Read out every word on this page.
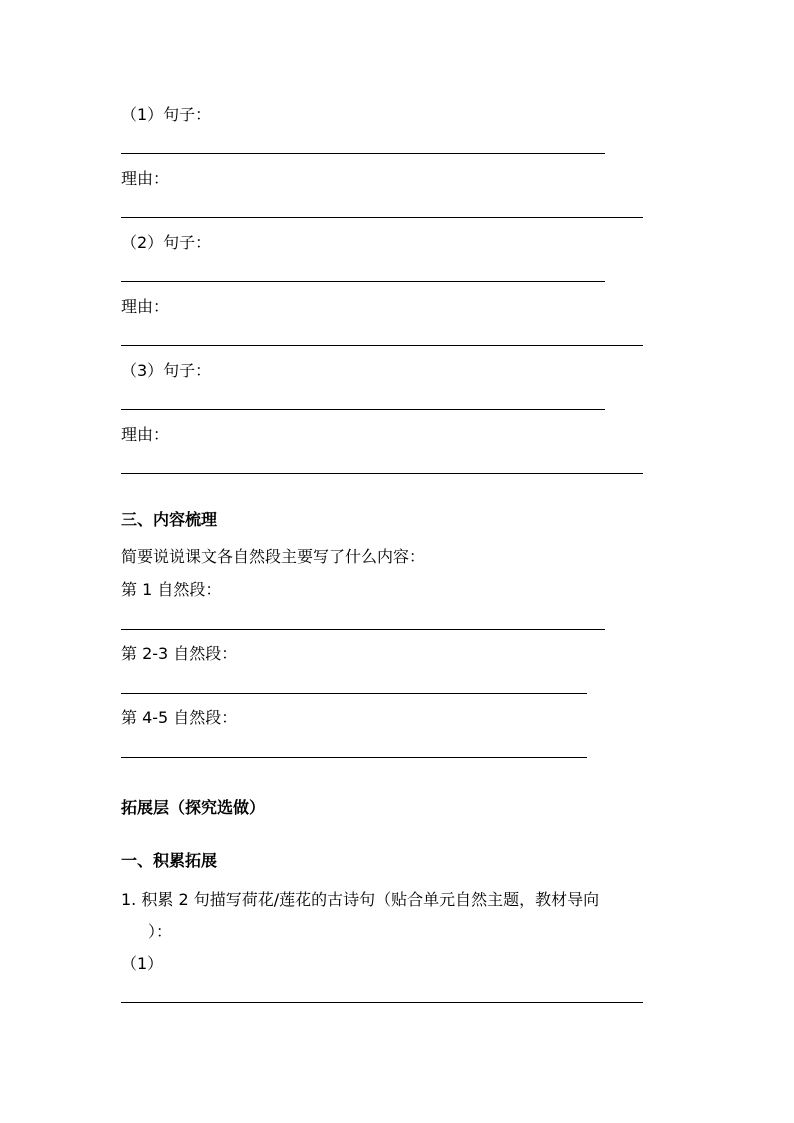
（1）句子：
理由：
（2）句子：
理由：
（3）句子：
理由：
三、内容梳理
简要说说课文各自然段主要写了什么内容：
第 1 自然段：
第 2-3 自然段：
第 4-5 自然段：
拓展层（探究选做）
一、积累拓展
1. 积累 2 句描写荷花/莲花的古诗句（贴合单元自然主题，教材导向
）：
（1）
